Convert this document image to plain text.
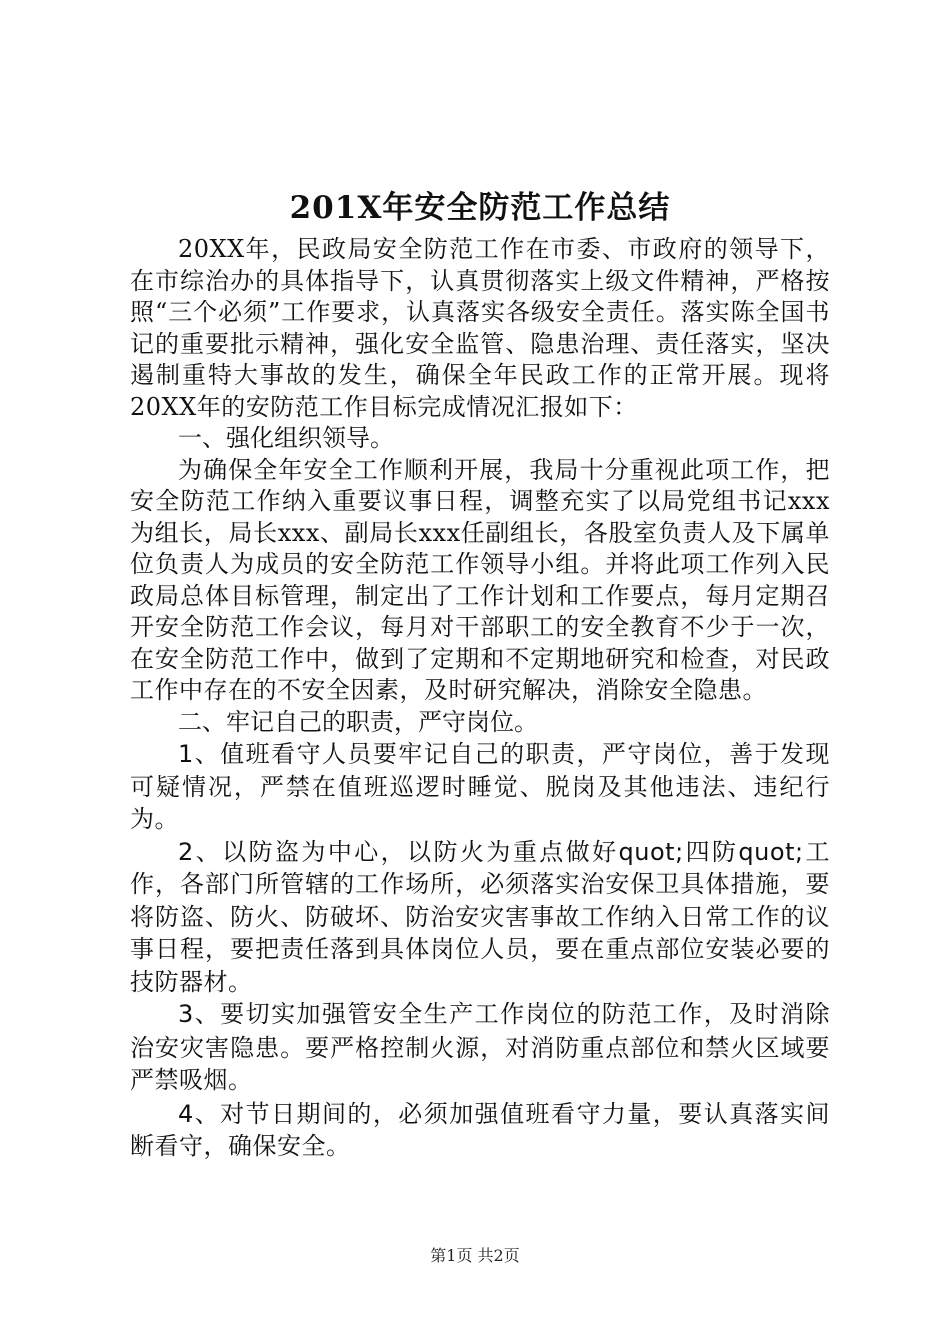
201X年安全防范工作总结

20XX年，民政局安全防范工作在市委、市政府的领导下，在市综治办的具体指导下，认真贯彻落实上级文件精神，严格按照“三个必须”工作要求，认真落实各级安全责任。落实陈全国书记的重要批示精神，强化安全监管、隐患治理、责任落实，坚决遏制重特大事故的发生，确保全年民政工作的正常开展。现将20XX年的安防范工作目标完成情况汇报如下：

一、强化组织领导。

为确保全年安全工作顺利开展，我局十分重视此项工作，把安全防范工作纳入重要议事日程，调整充实了以局党组书记xxx为组长，局长xxx、副局长xxx任副组长，各股室负责人及下属单位负责人为成员的安全防范工作领导小组。并将此项工作列入民政局总体目标管理，制定出了工作计划和工作要点，每月定期召开安全防范工作会议，每月对干部职工的安全教育不少于一次，在安全防范工作中，做到了定期和不定期地研究和检查，对民政工作中存在的不安全因素，及时研究解决，消除安全隐患。

二、牢记自己的职责，严守岗位。

1、值班看守人员要牢记自己的职责，严守岗位，善于发现可疑情况，严禁在值班巡逻时睡觉、脱岗及其他违法、违纪行为。

2、以防盗为中心，以防火为重点做好quot;四防quot;工作，各部门所管辖的工作场所，必须落实治安保卫具体措施，要将防盗、防火、防破坏、防治安灾害事故工作纳入日常工作的议事日程，要把责任落到具体岗位人员，要在重点部位安装必要的技防器材。

3、要切实加强管安全生产工作岗位的防范工作，及时消除治安灾害隐患。要严格控制火源，对消防重点部位和禁火区域要严禁吸烟。

4、对节日期间的，必须加强值班看守力量，要认真落实间断看守，确保安全。

第1页 共2页
